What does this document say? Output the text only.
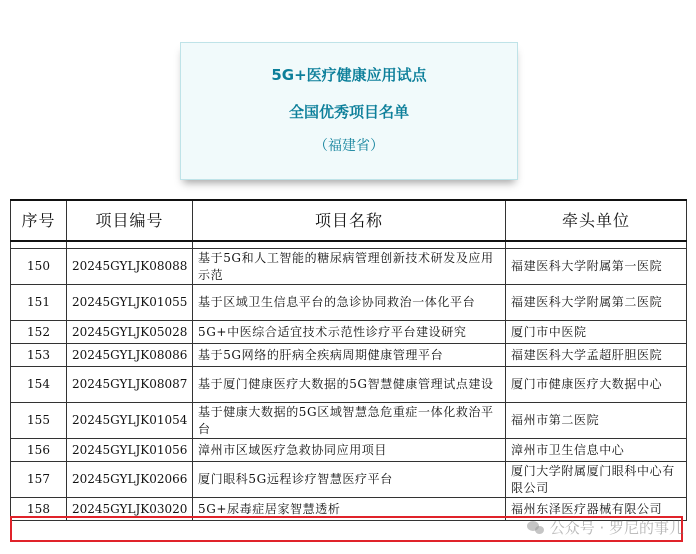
5G+医疗健康应用试点
全国优秀项目名单
（福建省）
序号	项目编号	项目名称	牵头单位

150	20245GYLJK08088	基于5G和人工智能的糖尿病管理创新技术研发及应用示范	福建医科大学附属第一医院
151	20245GYLJK01055	基于区域卫生信息平台的急诊协同救治一体化平台	福建医科大学附属第二医院
152	20245GYLJK05028	5G+中医综合适宜技术示范性诊疗平台建设研究	厦门市中医院
153	20245GYLJK08086	基于5G网络的肝病全疾病周期健康管理平台	福建医科大学孟超肝胆医院
154	20245GYLJK08087	基于厦门健康医疗大数据的5G智慧健康管理试点建设	厦门市健康医疗大数据中心
155	20245GYLJK01054	基于健康大数据的5G区域智慧急危重症一体化救治平台	福州市第二医院
156	20245GYLJK01056	漳州市区域医疗急救协同应用项目	漳州市卫生信息中心
157	20245GYLJK02066	厦门眼科5G远程诊疗智慧医疗平台	厦门大学附属厦门眼科中心有限公司
158	20245GYLJK03020	5G+尿毒症居家智慧透析	福州东泽医疗器械有限公司
公众号 · 罗尼的事儿
